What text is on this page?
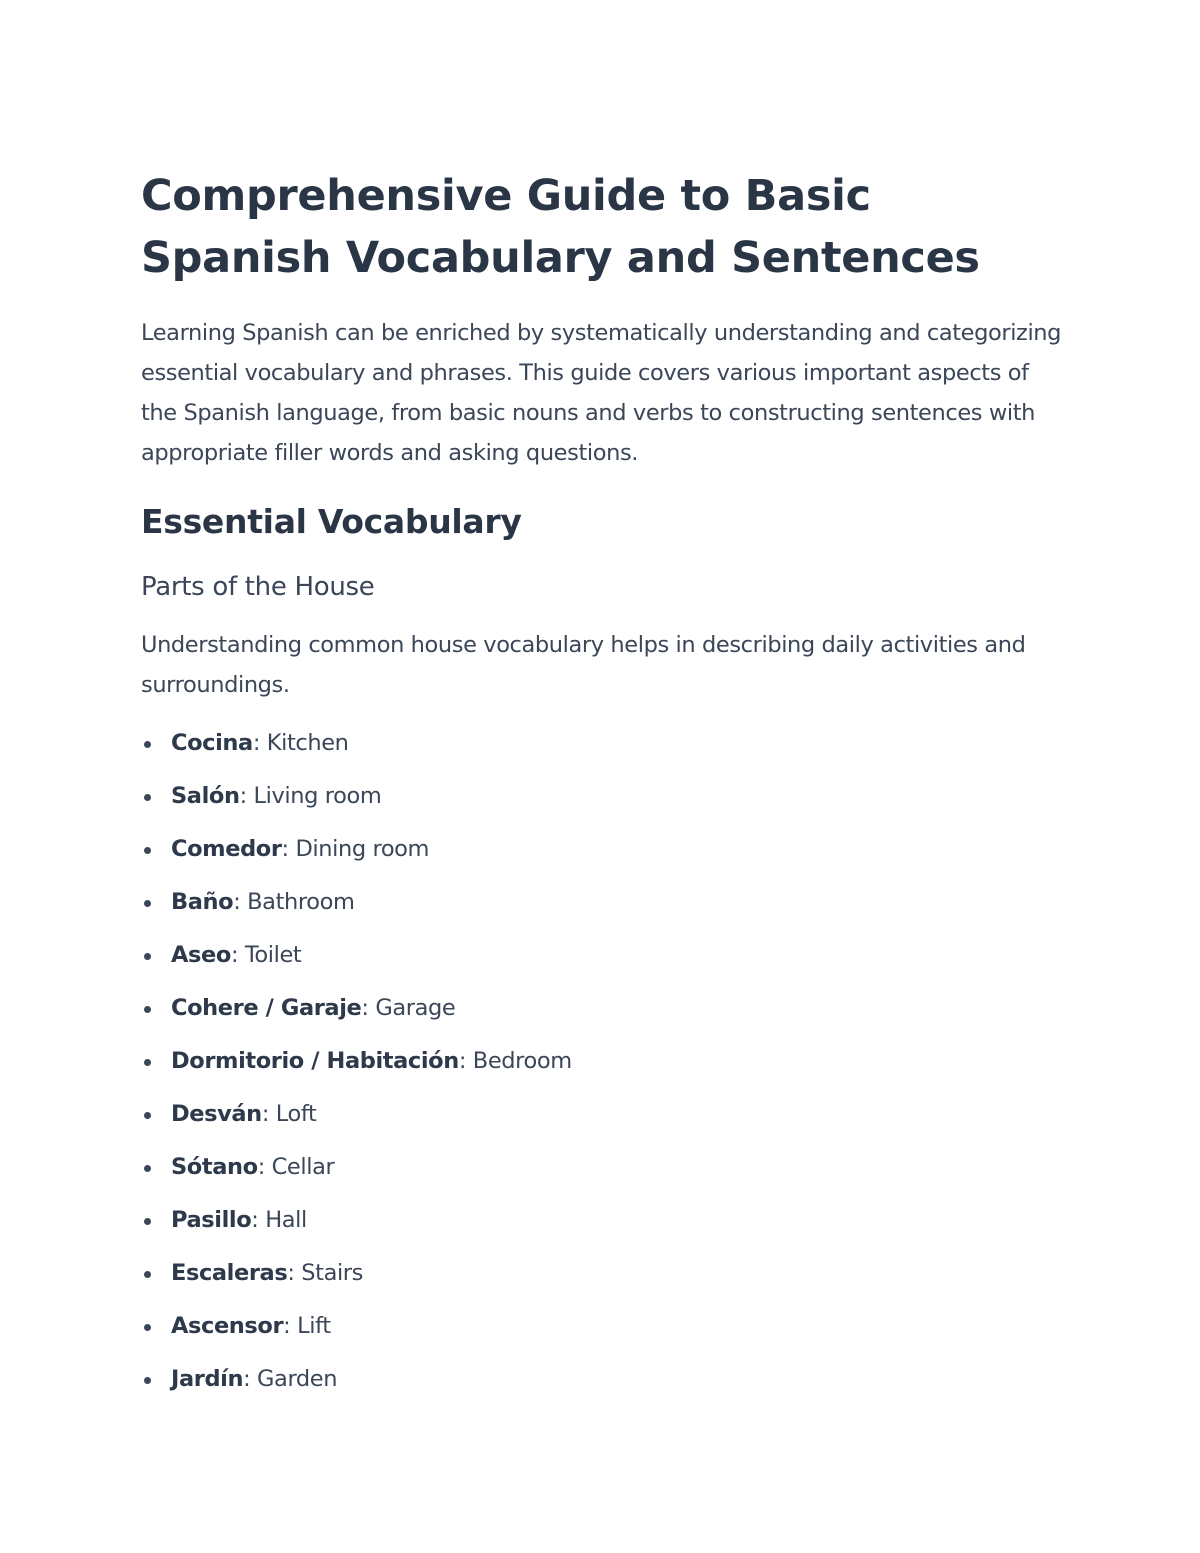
Comprehensive Guide to Basic Spanish Vocabulary and Sentences

Learning Spanish can be enriched by systematically understanding and categorizing essential vocabulary and phrases. This guide covers various important aspects of the Spanish language, from basic nouns and verbs to constructing sentences with appropriate filler words and asking questions.

Essential Vocabulary
Parts of the House

Understanding common house vocabulary helps in describing daily activities and surroundings.

Cocina: Kitchen
Salón: Living room
Comedor: Dining room
Baño: Bathroom
Aseo: Toilet
Cohere / Garaje: Garage
Dormitorio / Habitación: Bedroom
Desván: Loft
Sótano: Cellar
Pasillo: Hall
Escaleras: Stairs
Ascensor: Lift
Jardín: Garden
